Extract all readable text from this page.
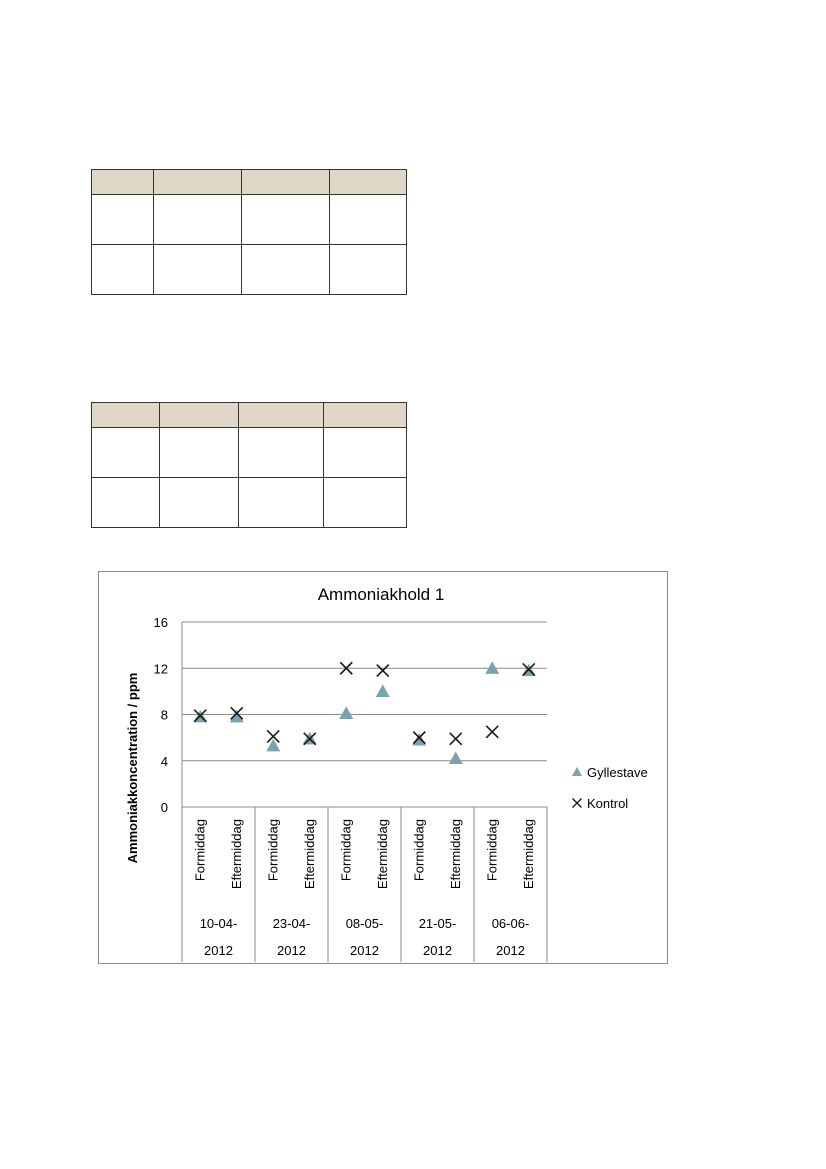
Ammoniakhold 1
Ammoniakkoncentration / ppm 0
4
8
12
16
Formiddag Eftermiddag Formiddag Eftermiddag Formiddag Eftermiddag Formiddag Eftermiddag Formiddag Eftermiddag
10-04-
2012
23-04-
2012
08-05-
2012
21-05-
2012
06-06-
2012
Gyllestave
Kontrol
